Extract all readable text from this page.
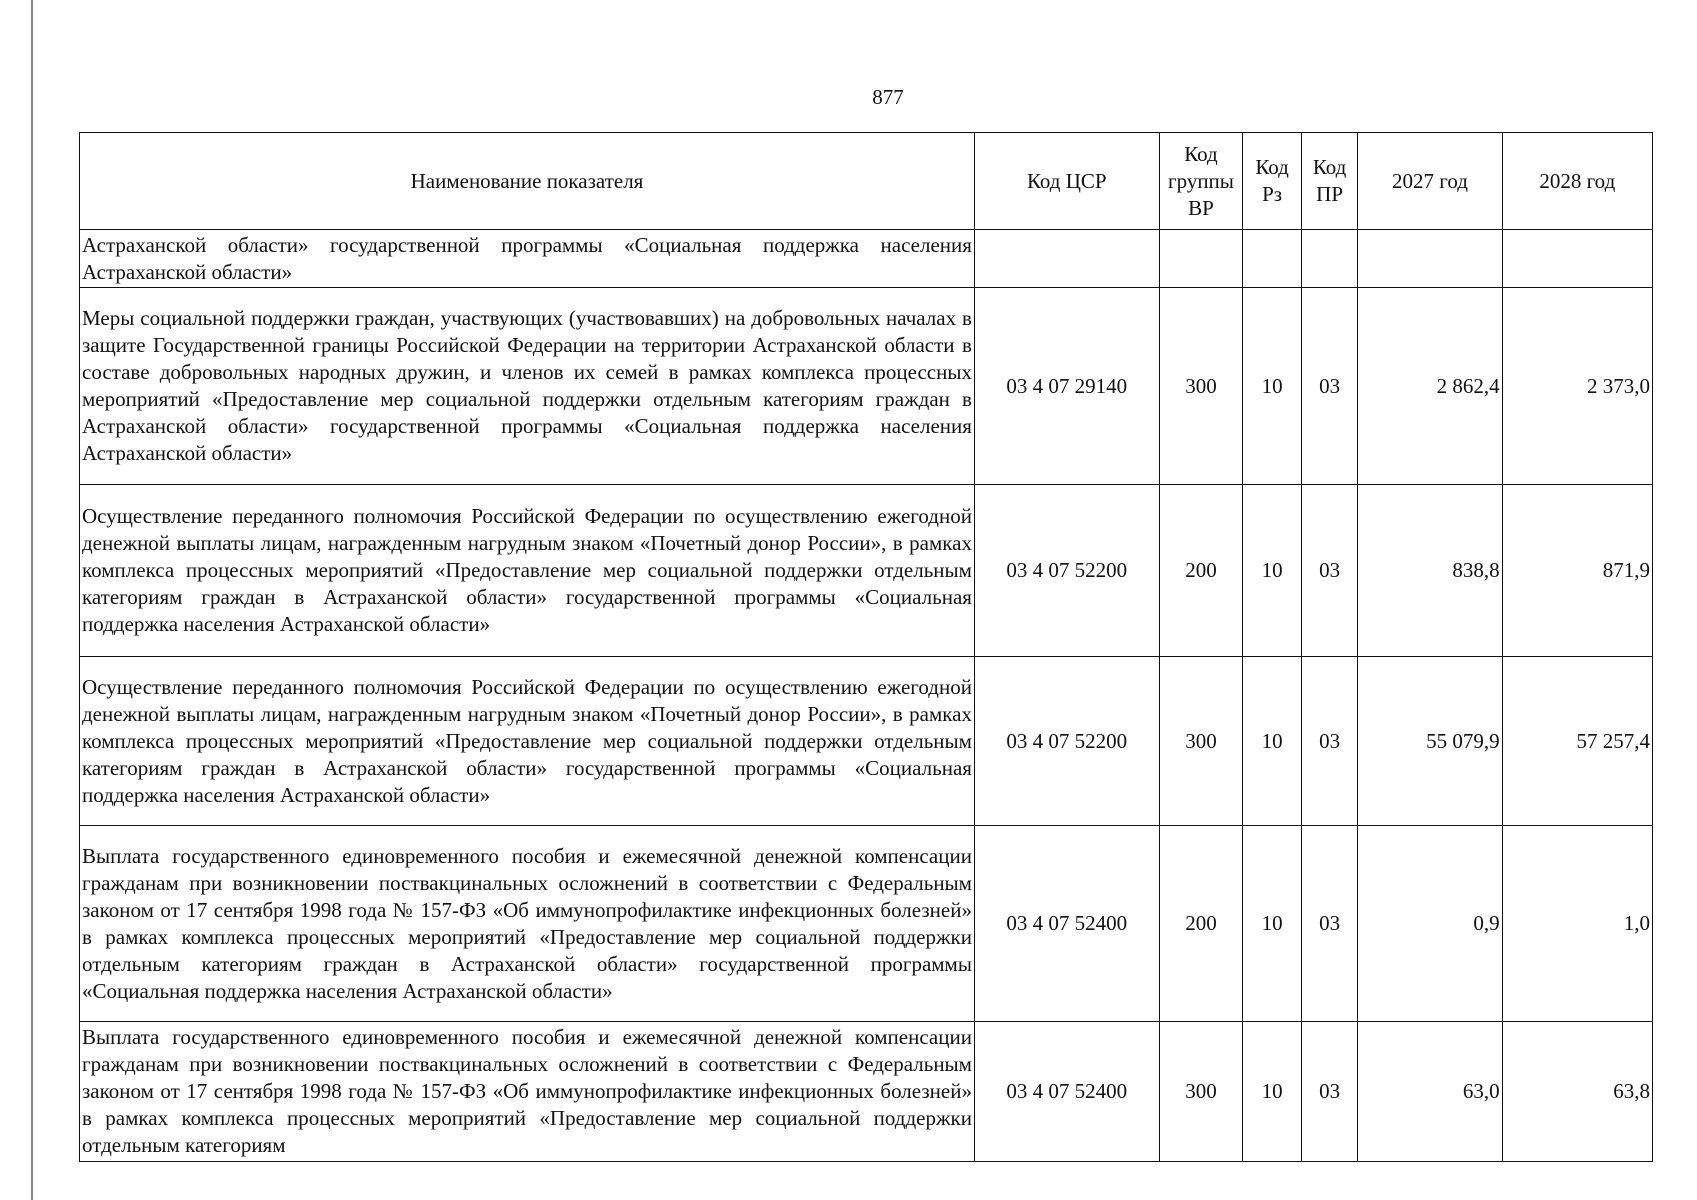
877
Наименование показателя	Код ЦСР	Код группы ВР	Код Рз	Код ПР	2027 год	2028 год

Астраханской области» государственной программы «Социальная поддержка населения Астраханской области»						

Меры социальной поддержки граждан, участвующих (участвовавших) на добровольных началах в защите Государственной границы Российской Федерации на территории Астраханской области в составе добровольных народных дружин, и членов их семей в рамках комплекса процессных мероприятий «Предоставление мер социальной поддержки отдельным категориям граждан в Астраханской области» государственной программы «Социальная поддержка населения Астраханской области»	03 4 07 29140	300	10	03	2 862,4	2 373,0

Осуществление переданного полномочия Российской Федерации по осуществлению ежегодной денежной выплаты лицам, награжденным нагрудным знаком «Почетный донор России», в рамках комплекса процессных мероприятий «Предоставление мер социальной поддержки отдельным категориям граждан в Астраханской области» государственной программы «Социальная поддержка населения Астраханской области»	03 4 07 52200	200	10	03	838,8	871,9

Осуществление переданного полномочия Российской Федерации по осуществлению ежегодной денежной выплаты лицам, награжденным нагрудным знаком «Почетный донор России», в рамках комплекса процессных мероприятий «Предоставление мер социальной поддержки отдельным категориям граждан в Астраханской области» государственной программы «Социальная поддержка населения Астраханской области»	03 4 07 52200	300	10	03	55 079,9	57 257,4

Выплата государственного единовременного пособия и ежемесячной денежной компенсации гражданам при возникновении поствакцинальных осложнений в соответствии с Федеральным законом от 17 сентября 1998 года № 157-ФЗ «Об иммунопрофилактике инфекционных болезней» в рамках комплекса процессных мероприятий «Предоставление мер социальной поддержки отдельным категориям граждан в Астраханской области» государственной программы «Социальная поддержка населения Астраханской области»	03 4 07 52400	200	10	03	0,9	1,0

Выплата государственного единовременного пособия и ежемесячной денежной компенсации гражданам при возникновении поствакцинальных осложнений в соответствии с Федеральным законом от 17 сентября 1998 года № 157-ФЗ «Об иммунопрофилактике инфекционных болезней» в рамках комплекса процессных мероприятий «Предоставление мер социальной поддержки отдельным категориям	03 4 07 52400	300	10	03	63,0	63,8
